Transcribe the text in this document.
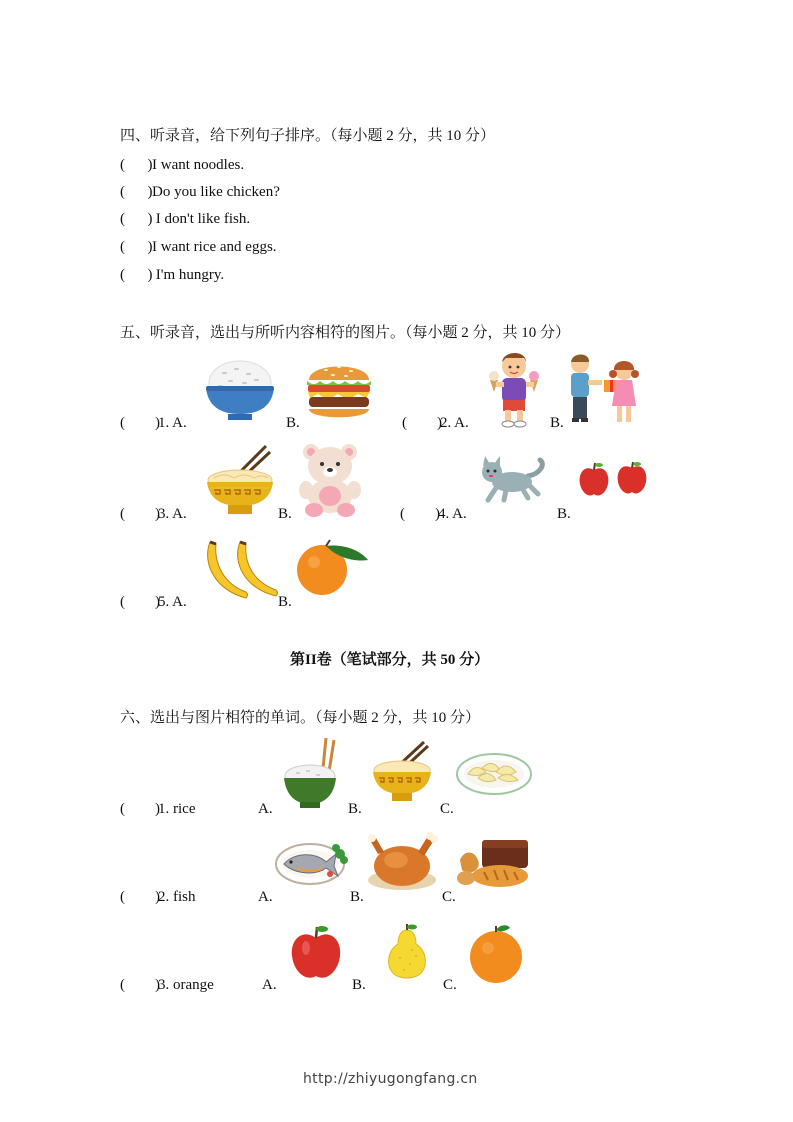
四、听录音，给下列句子排序。（每小题 2 分，共 10 分）
(      ) I want noodles.
(      ) Do you like chicken?
(      ) I don't like fish.
(      ) I want rice and eggs.
(      ) I'm hungry.
五、听录音，选出与所听内容相符的图片。（每小题 2 分，共 10 分）
(        )
1. A.	B.	(        )
2. A.	B.
(        )
3. A.	B.	(        )
4. A.	B.
(        )
5. A.	B.
第II卷（笔试部分，共 50 分）
六、选出与图片相符的单词。（每小题 2 分，共 10 分）
(        )
1. rice	A.	B.	C.
(        )
2. fish	A.	B.	C.
(        )
3. orange	A.	B.	C.
http://zhiyugongfang.cn
